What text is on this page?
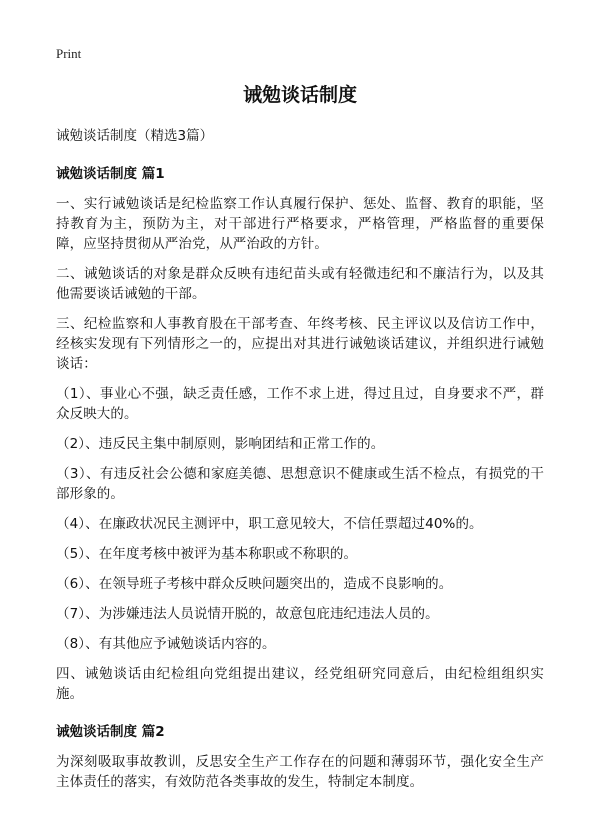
Print
诫勉谈话制度
诫勉谈话制度（精选3篇）
诫勉谈话制度 篇1

一、实行诫勉谈话是纪检监察工作认真履行保护、惩处、监督、教育的职能，坚持教育为主，预防为主，对干部进行严格要求，严格管理，严格监督的重要保障，应坚持贯彻从严治党，从严治政的方针。

二、诫勉谈话的对象是群众反映有违纪苗头或有轻微违纪和不廉洁行为，以及其他需要谈话诫勉的干部。

三、纪检监察和人事教育股在干部考查、年终考核、民主评议以及信访工作中，经核实发现有下列情形之一的，应提出对其进行诫勉谈话建议，并组织进行诫勉谈话：

（1）、事业心不强，缺乏责任感，工作不求上进，得过且过，自身要求不严，群众反映大的。

（2）、违反民主集中制原则，影响团结和正常工作的。

（3）、有违反社会公德和家庭美德、思想意识不健康或生活不检点，有损党的干部形象的。

（4）、在廉政状况民主测评中，职工意见较大，不信任票超过40%的。

（5）、在年度考核中被评为基本称职或不称职的。

（6）、在领导班子考核中群众反映问题突出的，造成不良影响的。

（7）、为涉嫌违法人员说情开脱的，故意包庇违纪违法人员的。

（8）、有其他应予诫勉谈话内容的。

四、诫勉谈话由纪检组向党组提出建议，经党组研究同意后，由纪检组组织实施。

诫勉谈话制度 篇2

为深刻吸取事故教训，反思安全生产工作存在的问题和薄弱环节，强化安全生产主体责任的落实，有效防范各类事故的发生，特制定本制度。
